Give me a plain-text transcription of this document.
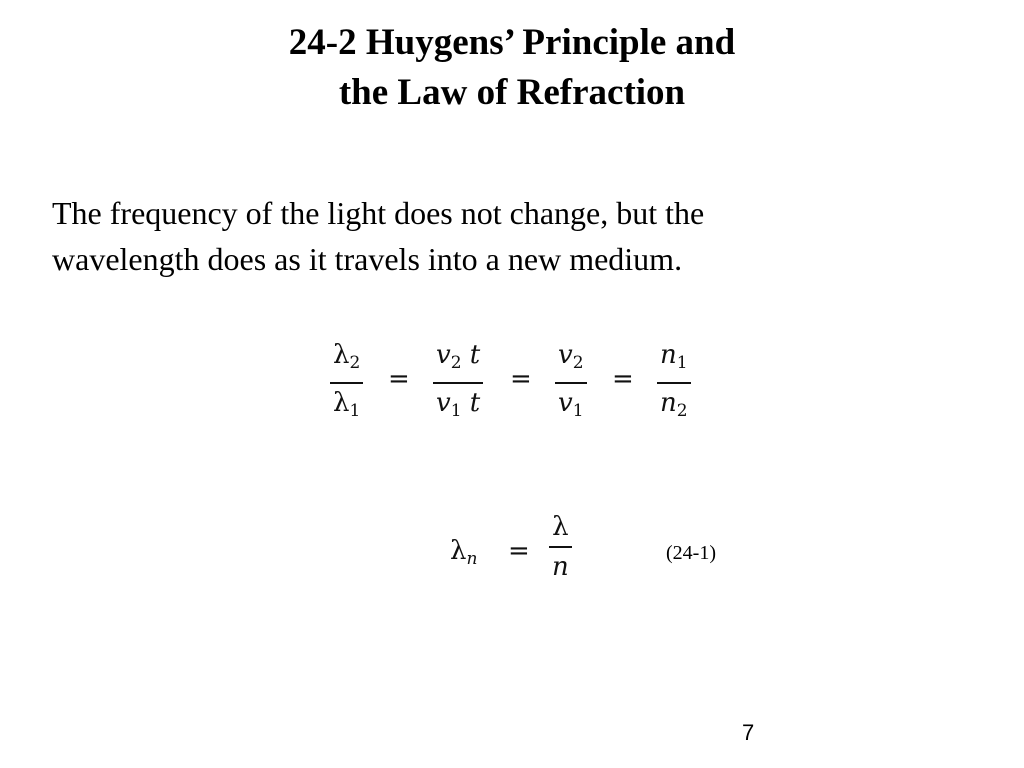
24-2 Huygens’ Principle and
the Law of Refraction
The frequency of the light does not change, but the
wavelength does as it travels into a new medium.
$\lambda_2$
$\lambda_1$
=
$v_2$ t
$v_1$ t
=
$v_2$
$v_1$
=
$n_1$
$n_2$
$\lambda_n$ =
λ
n	(24-1)
7
